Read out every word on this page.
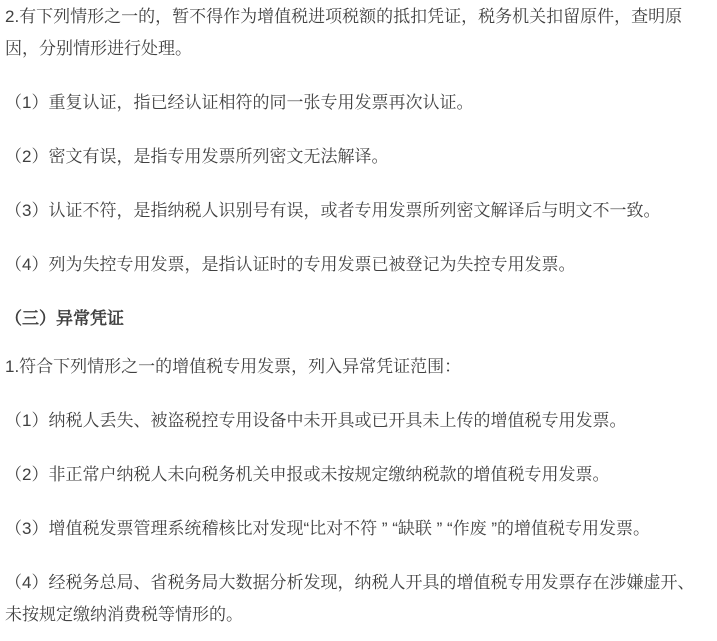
2.有下列情形之一的，暂不得作为增值税进项税额的抵扣凭证，税务机关扣留原件，查明原
因，分别情形进行处理。

（1）重复认证，指已经认证相符的同一张专用发票再次认证。

（2）密文有误，是指专用发票所列密文无法解译。

（3）认证不符，是指纳税人识别号有误，或者专用发票所列密文解译后与明文不一致。

（4）列为失控专用发票，是指认证时的专用发票已被登记为失控专用发票。

（三）异常凭证

1.符合下列情形之一的增值税专用发票，列入异常凭证范围：

（1）纳税人丢失、被盗税控专用设备中未开具或已开具未上传的增值税专用发票。

（2）非正常户纳税人未向税务机关申报或未按规定缴纳税款的增值税专用发票。

（3）增值税发票管理系统稽核比对发现“比对不符 ” “缺联 ” “作废 ”的增值税专用发票。

（4）经税务总局、省税务局大数据分析发现，纳税人开具的增值税专用发票存在涉嫌虚开、
未按规定缴纳消费税等情形的。
